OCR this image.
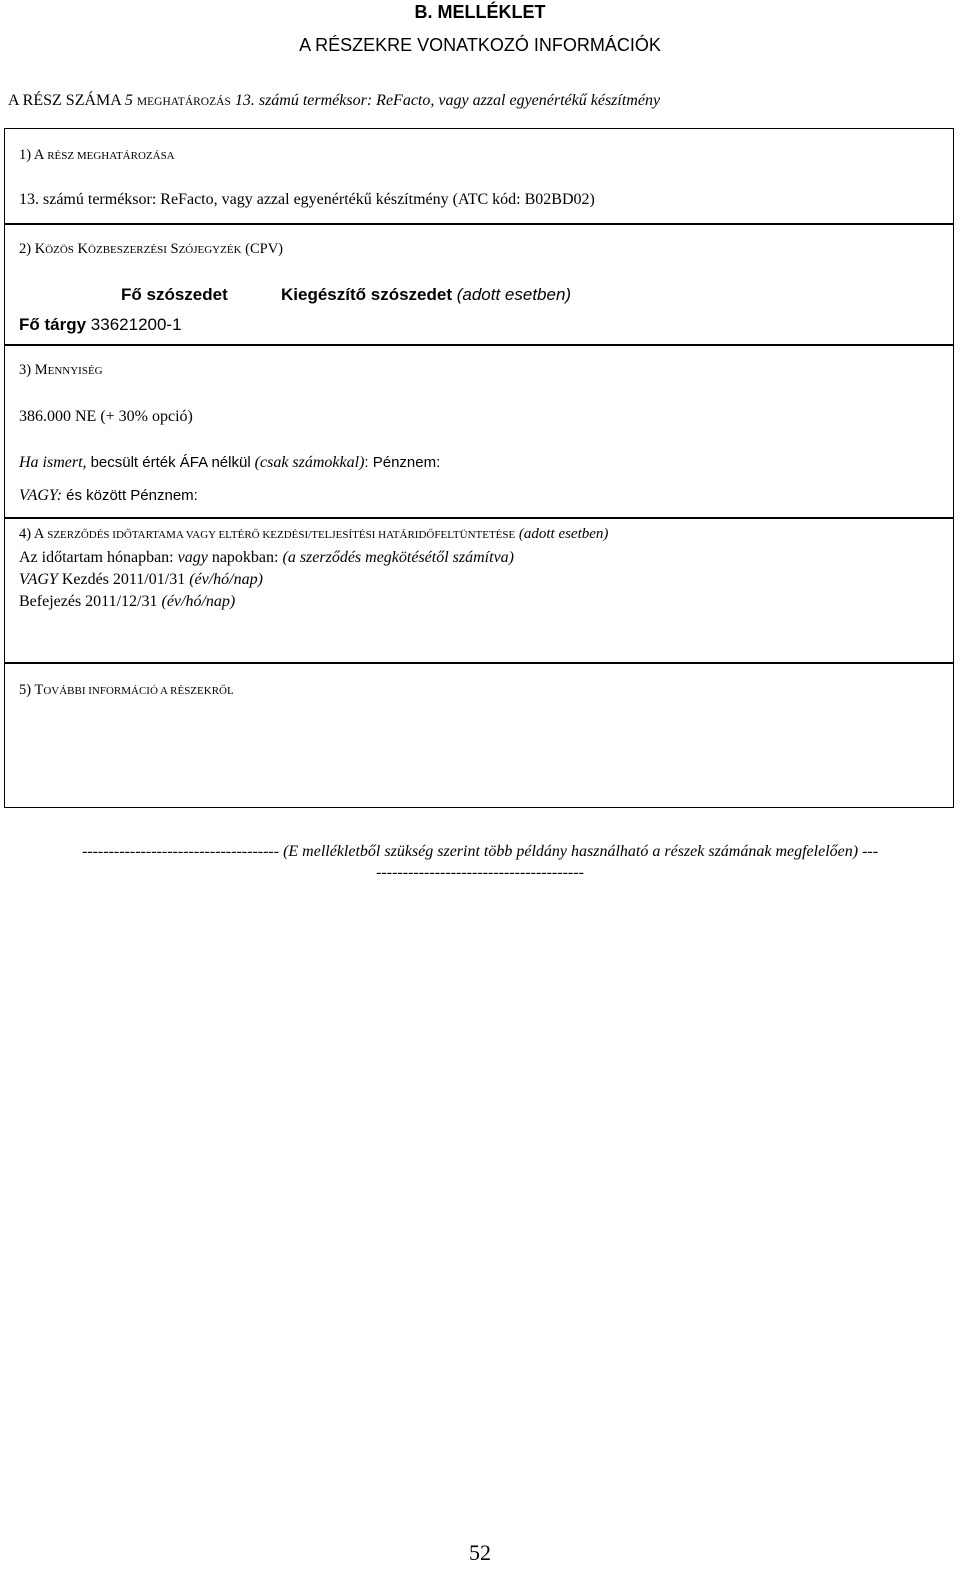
B. MELLÉKLET
A RÉSZEKRE VONATKOZÓ INFORMÁCIÓK
A RÉSZ SZÁMA 5 MEGHATÁROZÁS 13. számú terméksor: ReFacto, vagy azzal egyenértékű készítmény
1) A RÉSZ MEGHATÁROZÁSA
13. számú terméksor: ReFacto, vagy azzal egyenértékű készítmény (ATC kód: B02BD02)
2) KÖZÖS KÖZBESZERZÉSI SZÓJEGYZÉK (CPV)
Fő szószedet	Kiegészítő szószedet (adott esetben)
Fő tárgy 33621200-1
3) MENNYISÉG
386.000 NE (+ 30% opció)
Ha ismert, becsült érték ÁFA nélkül (csak számokkal): Pénznem:
VAGY: és között Pénznem:
4) A SZERZŐDÉS IDŐTARTAMA VAGY ELTÉRŐ KEZDÉSI/TELJESÍTÉSI HATÁRIDŐFELTÜNTETÉSE (adott esetben)
Az időtartam hónapban: vagy napokban: (a szerződés megkötésétől számítva)
VAGY Kezdés 2011/01/31 (év/hó/nap)
Befejezés 2011/12/31 (év/hó/nap)
5) TOVÁBBI INFORMÁCIÓ A RÉSZEKRŐL
------------------------------------- (E mellékletből szükség szerint több példány használható a részek számának megfelelően) ---
---------------------------------------
52
